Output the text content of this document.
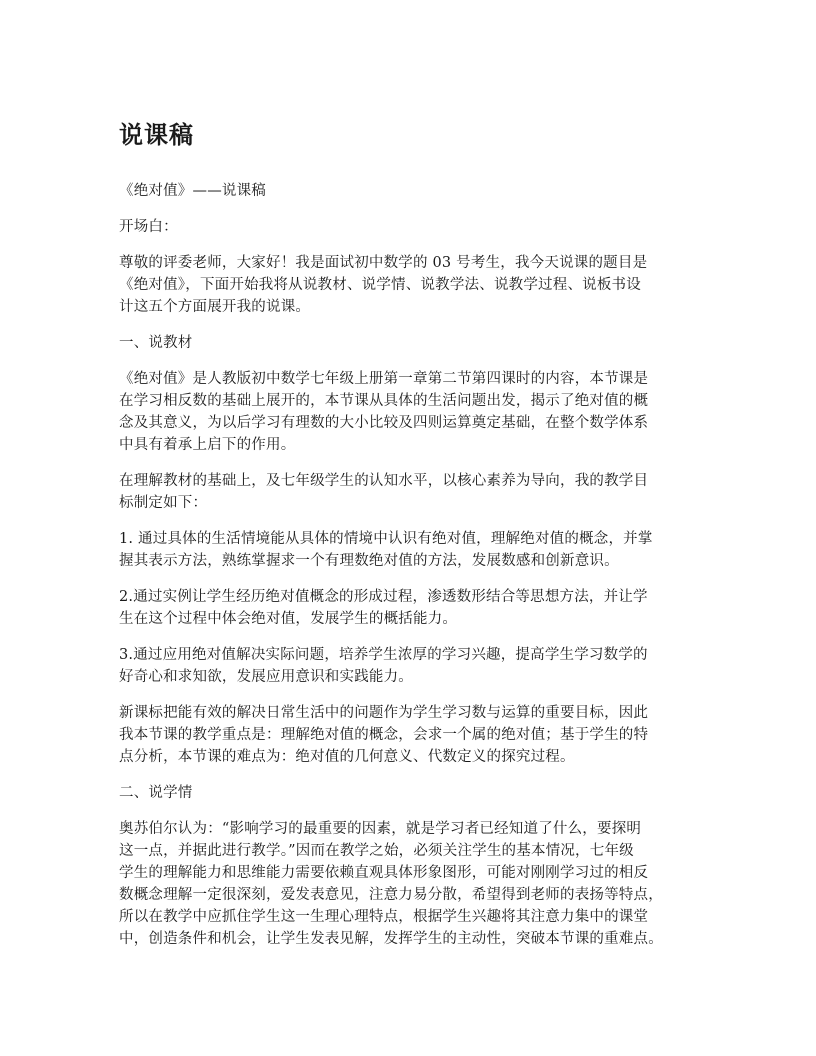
说课稿

《绝对值》——说课稿

开场白：

尊敬的评委老师，大家好！我是面试初中数学的 03 号考生，我今天说课的题目是
《绝对值》，下面开始我将从说教材、说学情、说教学法、说教学过程、说板书设
计这五个方面展开我的说课。

一、说教材

《绝对值》是人教版初中数学七年级上册第一章第二节第四课时的内容，本节课是
在学习相反数的基础上展开的，本节课从具体的生活问题出发，揭示了绝对值的概
念及其意义，为以后学习有理数的大小比较及四则运算奠定基础，在整个数学体系
中具有着承上启下的作用。

在理解教材的基础上，及七年级学生的认知水平，以核心素养为导向，我的教学目
标制定如下：

1. 通过具体的生活情境能从具体的情境中认识有绝对值，理解绝对值的概念，并掌
握其表示方法，熟练掌握求一个有理数绝对值的方法，发展数感和创新意识。

2.通过实例让学生经历绝对值概念的形成过程，渗透数形结合等思想方法，并让学
生在这个过程中体会绝对值，发展学生的概括能力。

3.通过应用绝对值解决实际问题，培养学生浓厚的学习兴趣，提高学生学习数学的
好奇心和求知欲，发展应用意识和实践能力。

新课标把能有效的解决日常生活中的问题作为学生学习数与运算的重要目标，因此
我本节课的教学重点是：理解绝对值的概念，会求一个属的绝对值；基于学生的特
点分析，本节课的难点为：绝对值的几何意义、代数定义的探究过程。

二、说学情

奥苏伯尔认为：“影响学习的最重要的因素，就是学习者已经知道了什么，要探明
这一点，并据此进行教学。”因而在教学之始，必须关注学生的基本情况，七年级
学生的理解能力和思维能力需要依赖直观具体形象图形，可能对刚刚学习过的相反
数概念理解一定很深刻，爱发表意见，注意力易分散，希望得到老师的表扬等特点，
所以在教学中应抓住学生这一生理心理特点，根据学生兴趣将其注意力集中的课堂
中，创造条件和机会，让学生发表见解，发挥学生的主动性，突破本节课的重难点。
